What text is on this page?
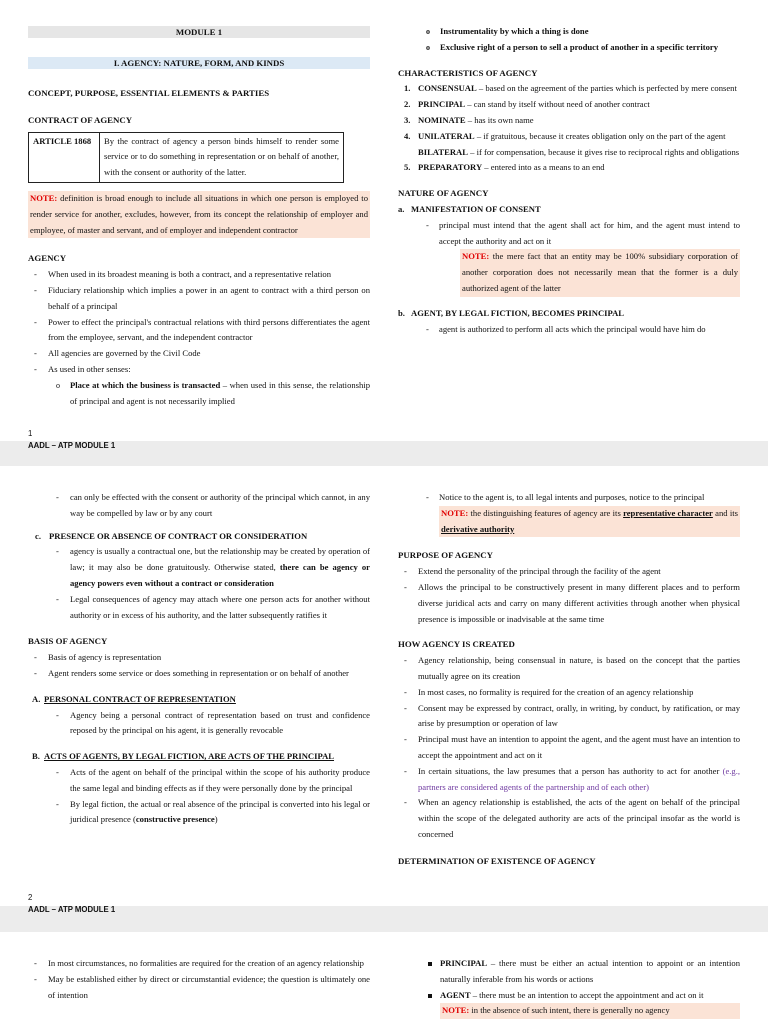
MODULE 1
I. AGENCY: NATURE, FORM, AND KINDS
CONCEPT, PURPOSE, ESSENTIAL ELEMENTS & PARTIES
CONTRACT OF AGENCY
ARTICLE 1868	By the contract of agency a person binds himself to render some service or to do something in representation or on behalf of another, with the consent or authority of the latter.
NOTE: definition is broad enough to include all situations in which one person is employed to render service for another, excludes, however, from its concept the relationship of employer and employee, of master and servant, and of employer and independent contractor
AGENCY
- When used in its broadest meaning is both a contract, and a representative relation
- Fiduciary relationship which implies a power in an agent to contract with a third person on behalf of a principal
- Power to effect the principal's contractual relations with third persons differentiates the agent from the employee, servant, and the independent contractor
- All agencies are governed by the Civil Code
- As used in other senses:
o Place at which the business is transacted – when used in this sense, the relationship of principal and agent is not necessarily implied
o Instrumentality by which a thing is done
o Exclusive right of a person to sell a product of another in a specific territory
CHARACTERISTICS OF AGENCY
1. CONSENSUAL – based on the agreement of the parties which is perfected by mere consent
2. PRINCIPAL – can stand by itself without need of another contract
3. NOMINATE – has its own name
4. UNILATERAL – if gratuitous, because it creates obligation only on the part of the agent
BILATERAL – if for compensation, because it gives rise to reciprocal rights and obligations
5. PREPARATORY – entered into as a means to an end
NATURE OF AGENCY
a. MANIFESTATION OF CONSENT
- principal must intend that the agent shall act for him, and the agent must intend to accept the authority and act on it
NOTE: the mere fact that an entity may be 100% subsidiary corporation of another corporation does not necessarily mean that the former is a duly authorized agent of the latter
b. AGENT, BY LEGAL FICTION, BECOMES PRINCIPAL
- agent is authorized to perform all acts which the principal would have him do
1
AADL – ATP MODULE 1
- can only be effected with the consent or authority of the principal which cannot, in any way be compelled by law or by any court
c. PRESENCE OR ABSENCE OF CONTRACT OR CONSIDERATION
- agency is usually a contractual one, but the relationship may be created by operation of law; it may also be done gratuitously. Otherwise stated, there can be agency or agency powers even without a contract or consideration
- Legal consequences of agency may attach where one person acts for another without authority or in excess of his authority, and the latter subsequently ratifies it
BASIS OF AGENCY
- Basis of agency is representation
- Agent renders some service or does something in representation or on behalf of another
A. PERSONAL CONTRACT OF REPRESENTATION
- Agency being a personal contract of representation based on trust and confidence reposed by the principal on his agent, it is generally revocable
B. ACTS OF AGENTS, BY LEGAL FICTION, ARE ACTS OF THE PRINCIPAL
- Acts of the agent on behalf of the principal within the scope of his authority produce the same legal and binding effects as if they were personally done by the principal
- By legal fiction, the actual or real absence of the principal is converted into his legal or juridical presence (constructive presence)
- Notice to the agent is, to all legal intents and purposes, notice to the principal
NOTE: the distinguishing features of agency are its representative character and its derivative authority
PURPOSE OF AGENCY
- Extend the personality of the principal through the facility of the agent
- Allows the principal to be constructively present in many different places and to perform diverse juridical acts and carry on many different activities through another when physical presence is impossible or inadvisable at the same time
HOW AGENCY IS CREATED
- Agency relationship, being consensual in nature, is based on the concept that the parties mutually agree on its creation
- In most cases, no formality is required for the creation of an agency relationship
- Consent may be expressed by contract, orally, in writing, by conduct, by ratification, or may arise by presumption or operation of law
- Principal must have an intention to appoint the agent, and the agent must have an intention to accept the appointment and act on it
- In certain situations, the law presumes that a person has authority to act for another (e.g., partners are considered agents of the partnership and of each other)
- When an agency relationship is established, the acts of the agent on behalf of the principal within the scope of the delegated authority are acts of the principal insofar as the world is concerned
DETERMINATION OF EXISTENCE OF AGENCY
2
AADL – ATP MODULE 1
- In most circumstances, no formalities are required for the creation of an agency relationship
- May be established either by direct or circumstantial evidence; the question is ultimately one of intention
PRINCIPAL – there must be either an actual intention to appoint or an intention naturally inferable from his words or actions
AGENT – there must be an intention to accept the appointment and act on it
NOTE: in the absence of such intent, there is generally no agency
